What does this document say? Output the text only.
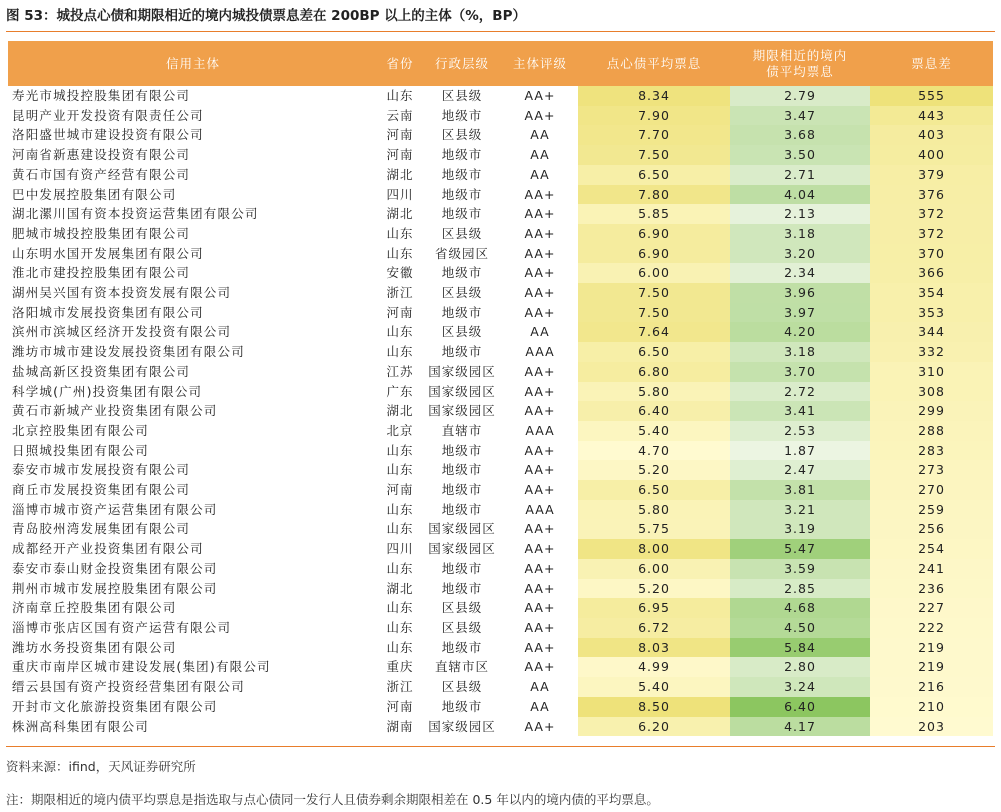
图 53：城投点心债和期限相近的境内城投债票息差在 200BP 以上的主体（%，BP）
信用主体	省份	行政层级	主体评级	点心债平均票息	期限相近的境内债平均票息	票息差
寿光市城投控股集团有限公司	山东	区县级	AA+	8.34	2.79	555
昆明产业开发投资有限责任公司	云南	地级市	AA+	7.90	3.47	443
洛阳盛世城市建设投资有限公司	河南	区县级	AA	7.70	3.68	403
河南省新惠建设投资有限公司	河南	地级市	AA	7.50	3.50	400
黄石市国有资产经营有限公司	湖北	地级市	AA	6.50	2.71	379
巴中发展控股集团有限公司	四川	地级市	AA+	7.80	4.04	376
湖北漯川国有资本投资运营集团有限公司	湖北	地级市	AA+	5.85	2.13	372
肥城市城投控股集团有限公司	山东	区县级	AA+	6.90	3.18	372
山东明水国开发展集团有限公司	山东	省级园区	AA+	6.90	3.20	370
淮北市建投控股集团有限公司	安徽	地级市	AA+	6.00	2.34	366
湖州吴兴国有资本投资发展有限公司	浙江	区县级	AA+	7.50	3.96	354
洛阳城市发展投资集团有限公司	河南	地级市	AA+	7.50	3.97	353
滨州市滨城区经济开发投资有限公司	山东	区县级	AA	7.64	4.20	344
潍坊市城市建设发展投资集团有限公司	山东	地级市	AAA	6.50	3.18	332
盐城高新区投资集团有限公司	江苏	国家级园区	AA+	6.80	3.70	310
科学城(广州)投资集团有限公司	广东	国家级园区	AA+	5.80	2.72	308
黄石市新城产业投资集团有限公司	湖北	国家级园区	AA+	6.40	3.41	299
北京控股集团有限公司	北京	直辖市	AAA	5.40	2.53	288
日照城投集团有限公司	山东	地级市	AA+	4.70	1.87	283
泰安市城市发展投资有限公司	山东	地级市	AA+	5.20	2.47	273
商丘市发展投资集团有限公司	河南	地级市	AA+	6.50	3.81	270
淄博市城市资产运营集团有限公司	山东	地级市	AAA	5.80	3.21	259
青岛胶州湾发展集团有限公司	山东	国家级园区	AA+	5.75	3.19	256
成都经开产业投资集团有限公司	四川	国家级园区	AA+	8.00	5.47	254
泰安市泰山财金投资集团有限公司	山东	地级市	AA+	6.00	3.59	241
荆州市城市发展控股集团有限公司	湖北	地级市	AA+	5.20	2.85	236
济南章丘控股集团有限公司	山东	区县级	AA+	6.95	4.68	227
淄博市张店区国有资产运营有限公司	山东	区县级	AA+	6.72	4.50	222
潍坊水务投资集团有限公司	山东	地级市	AA+	8.03	5.84	219
重庆市南岸区城市建设发展(集团)有限公司	重庆	直辖市区	AA+	4.99	2.80	219
缙云县国有资产投资经营集团有限公司	浙江	区县级	AA	5.40	3.24	216
开封市文化旅游投资集团有限公司	河南	地级市	AA	8.50	6.40	210
株洲高科集团有限公司	湖南	国家级园区	AA+	6.20	4.17	203
资料来源：ifind，天风证券研究所
注：期限相近的境内债平均票息是指选取与点心债同一发行人且债券剩余期限相差在 0.5 年以内的境内债的平均票息。
